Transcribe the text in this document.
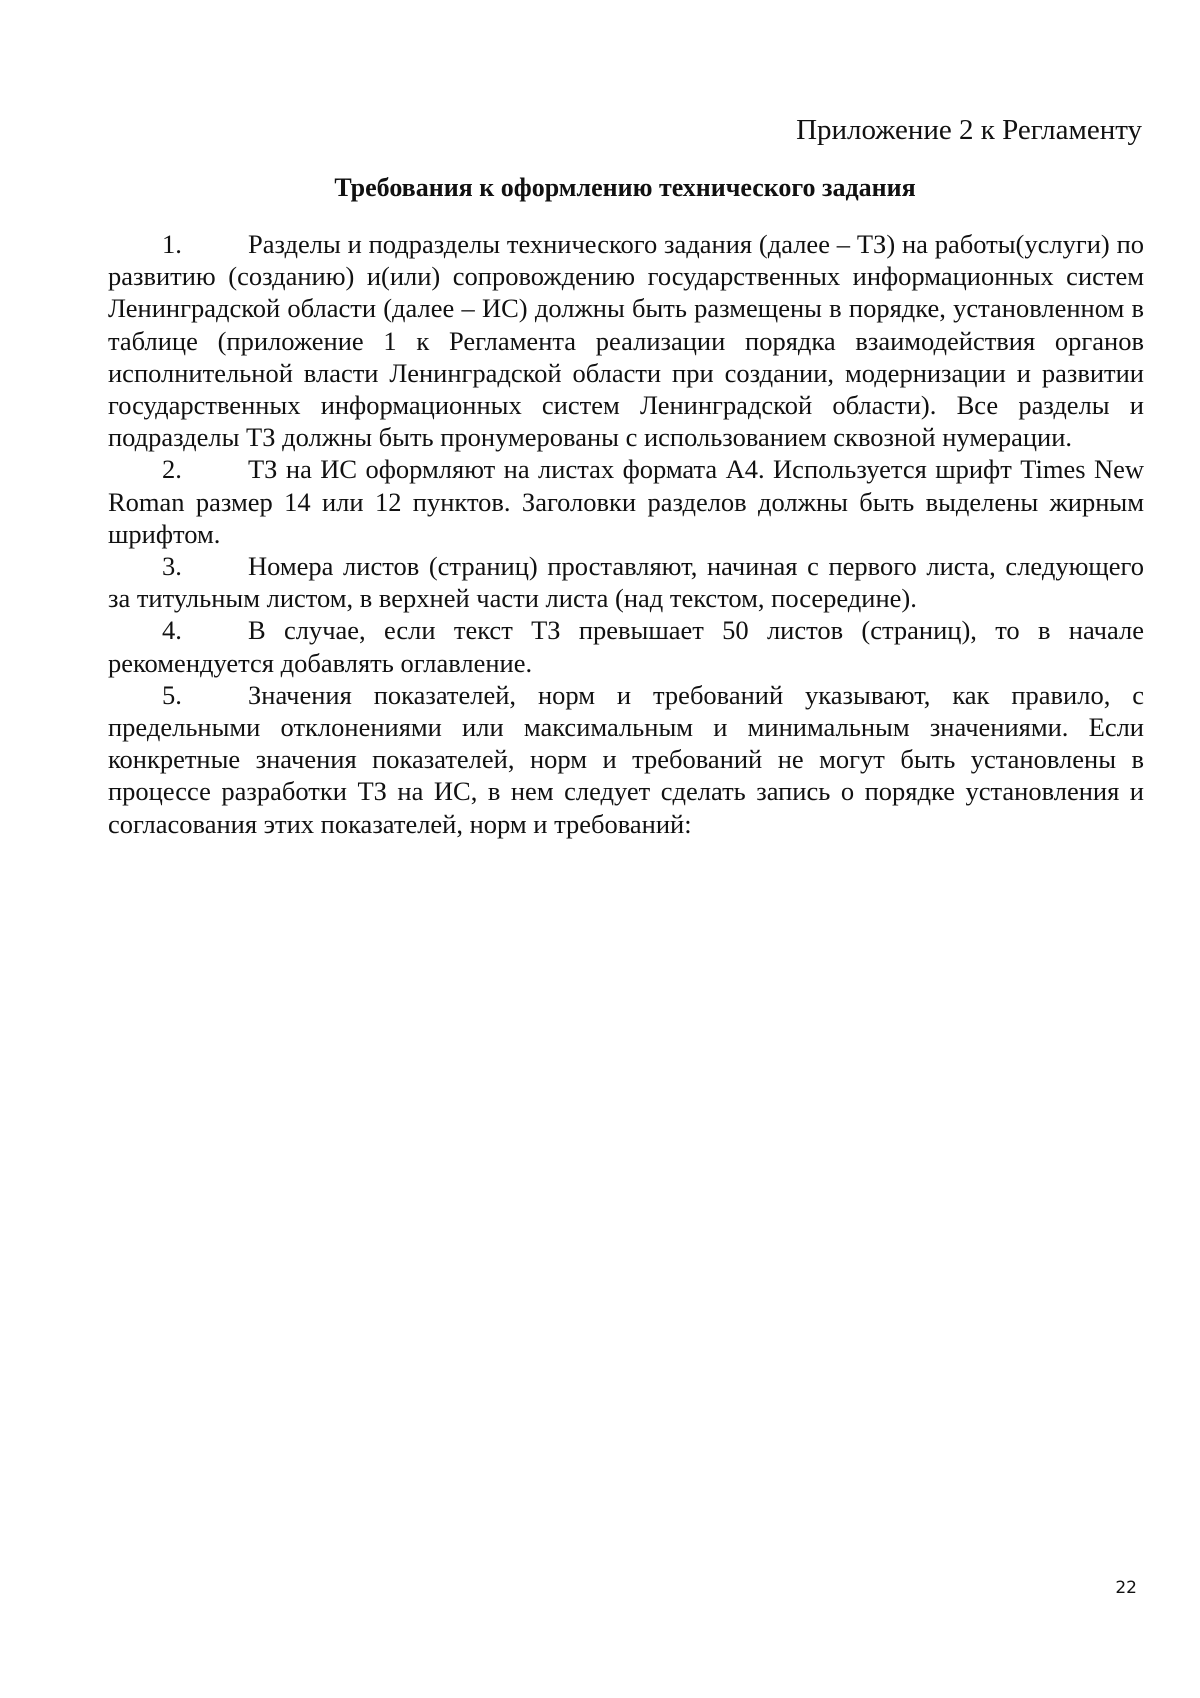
Приложение 2 к Регламенту
Требования к оформлению технического задания

1. Разделы и подразделы технического задания (далее – ТЗ) на работы(услуги) по развитию (созданию) и(или) сопровождению государственных информационных систем Ленинградской области (далее – ИС) должны быть размещены в порядке, установленном в таблице (приложение 1 к Регламента реализации порядка взаимодействия органов исполнительной власти Ленинградской области при создании, модернизации и развитии государственных информационных систем Ленинградской области). Все разделы и подразделы ТЗ должны быть пронумерованы с использованием сквозной нумерации.

2. ТЗ на ИС оформляют на листах формата А4. Используется шрифт Times New Roman размер 14 или 12 пунктов. Заголовки разделов должны быть выделены жирным шрифтом.

3. Номера листов (страниц) проставляют, начиная с первого листа, следующего за титульным листом, в верхней части листа (над текстом, посередине).

4. В случае, если текст ТЗ превышает 50 листов (страниц), то в начале рекомендуется добавлять оглавление.

5. Значения показателей, норм и требований указывают, как правило, с предельными отклонениями или максимальным и минимальным значениями. Если конкретные значения показателей, норм и требований не могут быть установлены в процессе разработки ТЗ на ИС, в нем следует сделать запись о порядке установления и согласования этих показателей, норм и требований:

22
